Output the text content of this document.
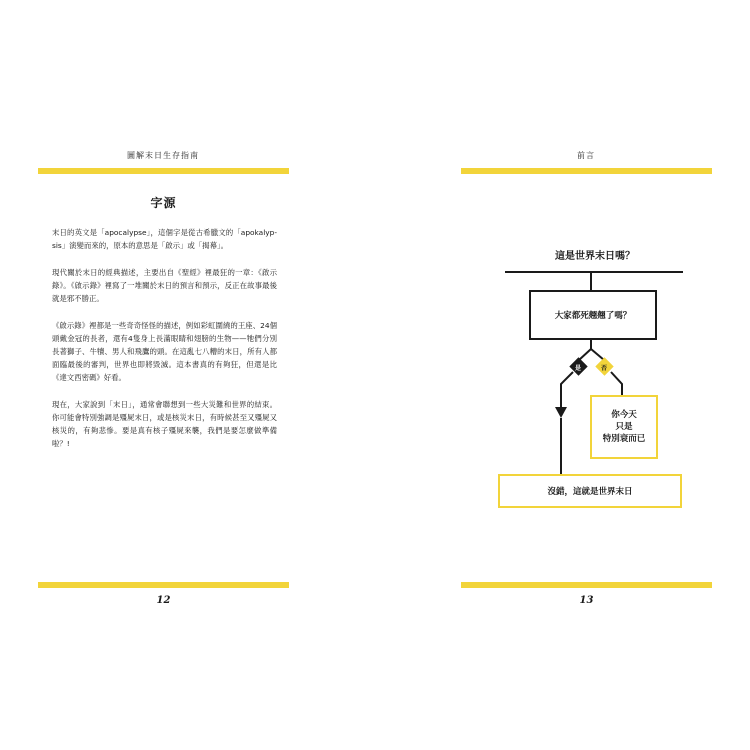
圖解末日生存指南
字源

末日的英文是「apocalypse」，這個字是從古希臘文的「apokalyp-sis」演變而來的，原本的意思是「啟示」或「揭幕」。

現代關於末日的經典描述，主要出自《聖經》裡最狂的一章：《啟示錄》。《啟示錄》裡寫了一堆關於末日的預言和預示，反正在故事最後就是邪不勝正。

《啟示錄》裡都是一些奇奇怪怪的描述，例如彩虹圍繞的王座、24個頭戴金冠的長者，還有4隻身上長滿眼睛和翅膀的生物——牠們分別長著獅子、牛犢、男人和飛鷹的頭。在這亂七八糟的末日，所有人都面臨最後的審判，世界也即將毀滅。這本書真的有夠狂，但還是比《達文西密碼》好看。

現在，大家說到「末日」，通常會聯想到一些大災難和世界的結束。你可能會特別強調是殭屍末日，或是核災末日，有時候甚至又殭屍又核災的，有夠悲慘。要是真有核子殭屍來襲，我們是要怎麼做準備啦？!

12
前言
這是世界末日嗎？
大家都死翹翹了嗎？
是	否
你今天
只是
特別衰而已
沒錯，這就是世界末日
13
